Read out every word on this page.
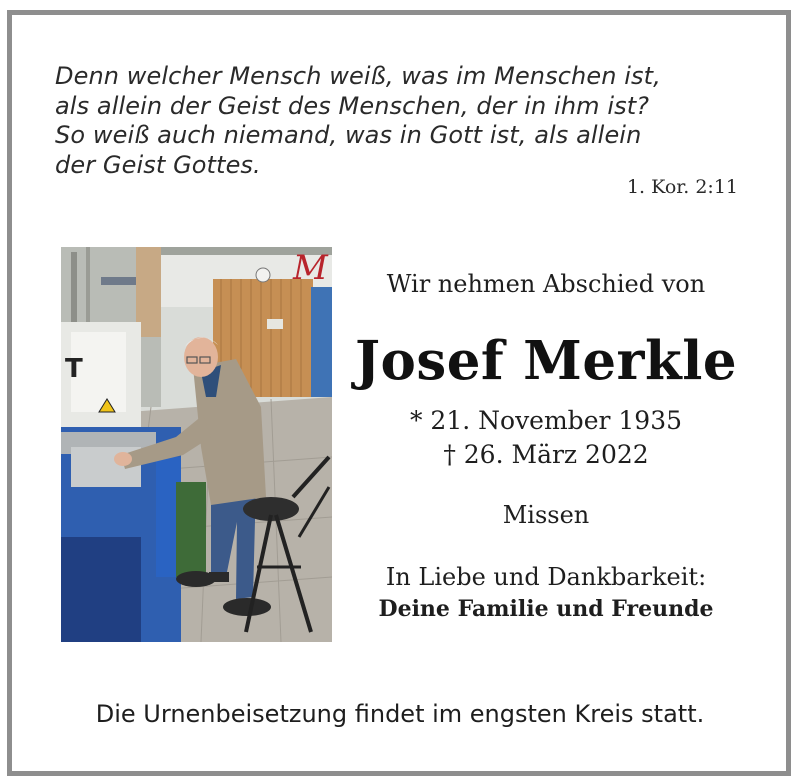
Denn welcher Mensch weiß, was im Menschen ist,
als allein der Geist des Menschen, der in ihm ist?
So weiß auch niemand, was in Gott ist, als allein
der Geist Gottes.
1. Kor. 2:11
M
T
Wir nehmen Abschied von
Josef Merkle
* 21. November 1935
† 26. März 2022
Missen
In Liebe und Dankbarkeit:
Deine Familie und Freunde
Die Urnenbeisetzung findet im engsten Kreis statt.
